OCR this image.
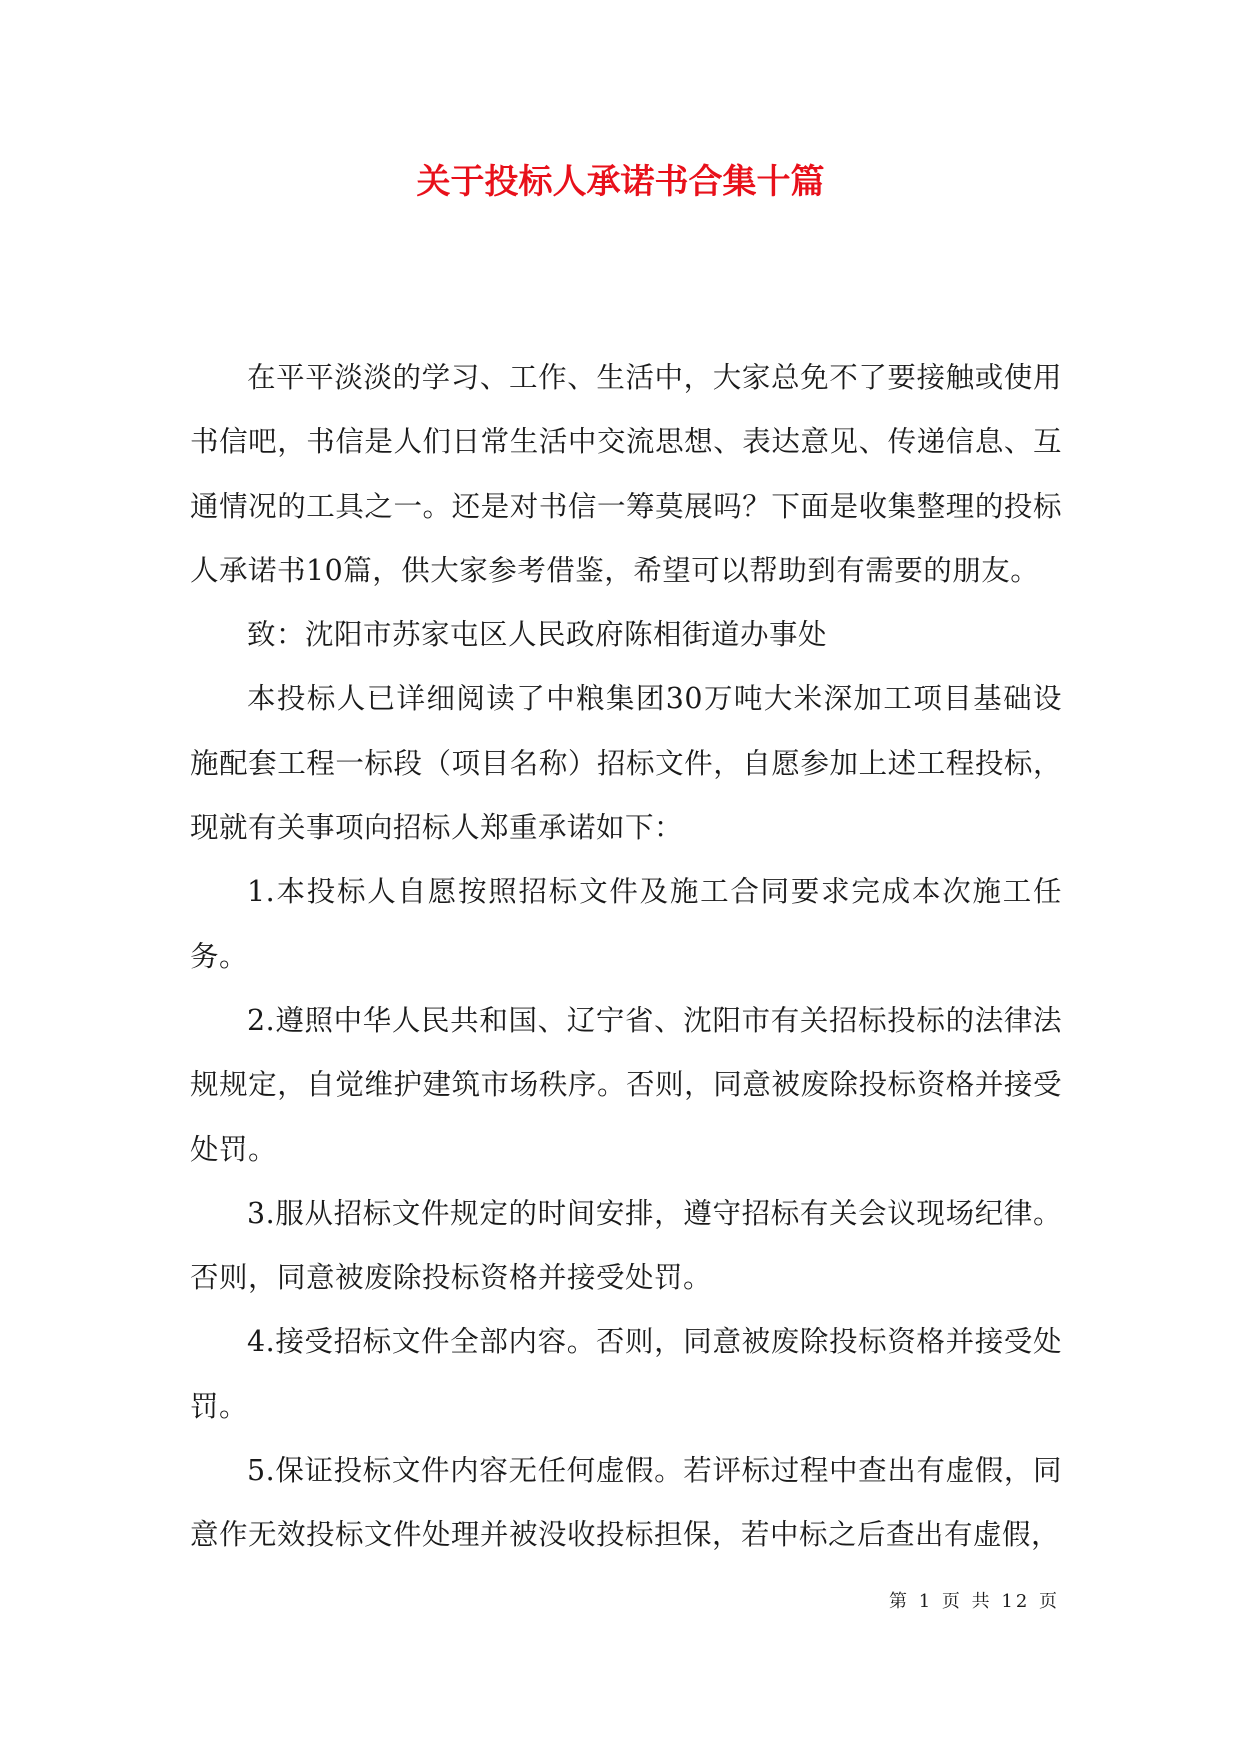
关于投标人承诺书合集十篇

在平平淡淡的学习、工作、生活中，大家总免不了要接触或使用书信吧，书信是人们日常生活中交流思想、表达意见、传递信息、互通情况的工具之一。还是对书信一筹莫展吗？下面是收集整理的投标人承诺书10篇，供大家参考借鉴，希望可以帮助到有需要的朋友。

致：沈阳市苏家屯区人民政府陈相街道办事处

本投标人已详细阅读了中粮集团30万吨大米深加工项目基础设施配套工程一标段（项目名称）招标文件，自愿参加上述工程投标，现就有关事项向招标人郑重承诺如下：

1.本投标人自愿按照招标文件及施工合同要求完成本次施工任务。

2.遵照中华人民共和国、辽宁省、沈阳市有关招标投标的法律法规规定，自觉维护建筑市场秩序。否则，同意被废除投标资格并接受处罚。

3.服从招标文件规定的时间安排，遵守招标有关会议现场纪律。否则，同意被废除投标资格并接受处罚。

4.接受招标文件全部内容。否则，同意被废除投标资格并接受处罚。

5.保证投标文件内容无任何虚假。若评标过程中查出有虚假，同意作无效投标文件处理并被没收投标担保，若中标之后查出有虚假，

第 1 页 共 12 页
